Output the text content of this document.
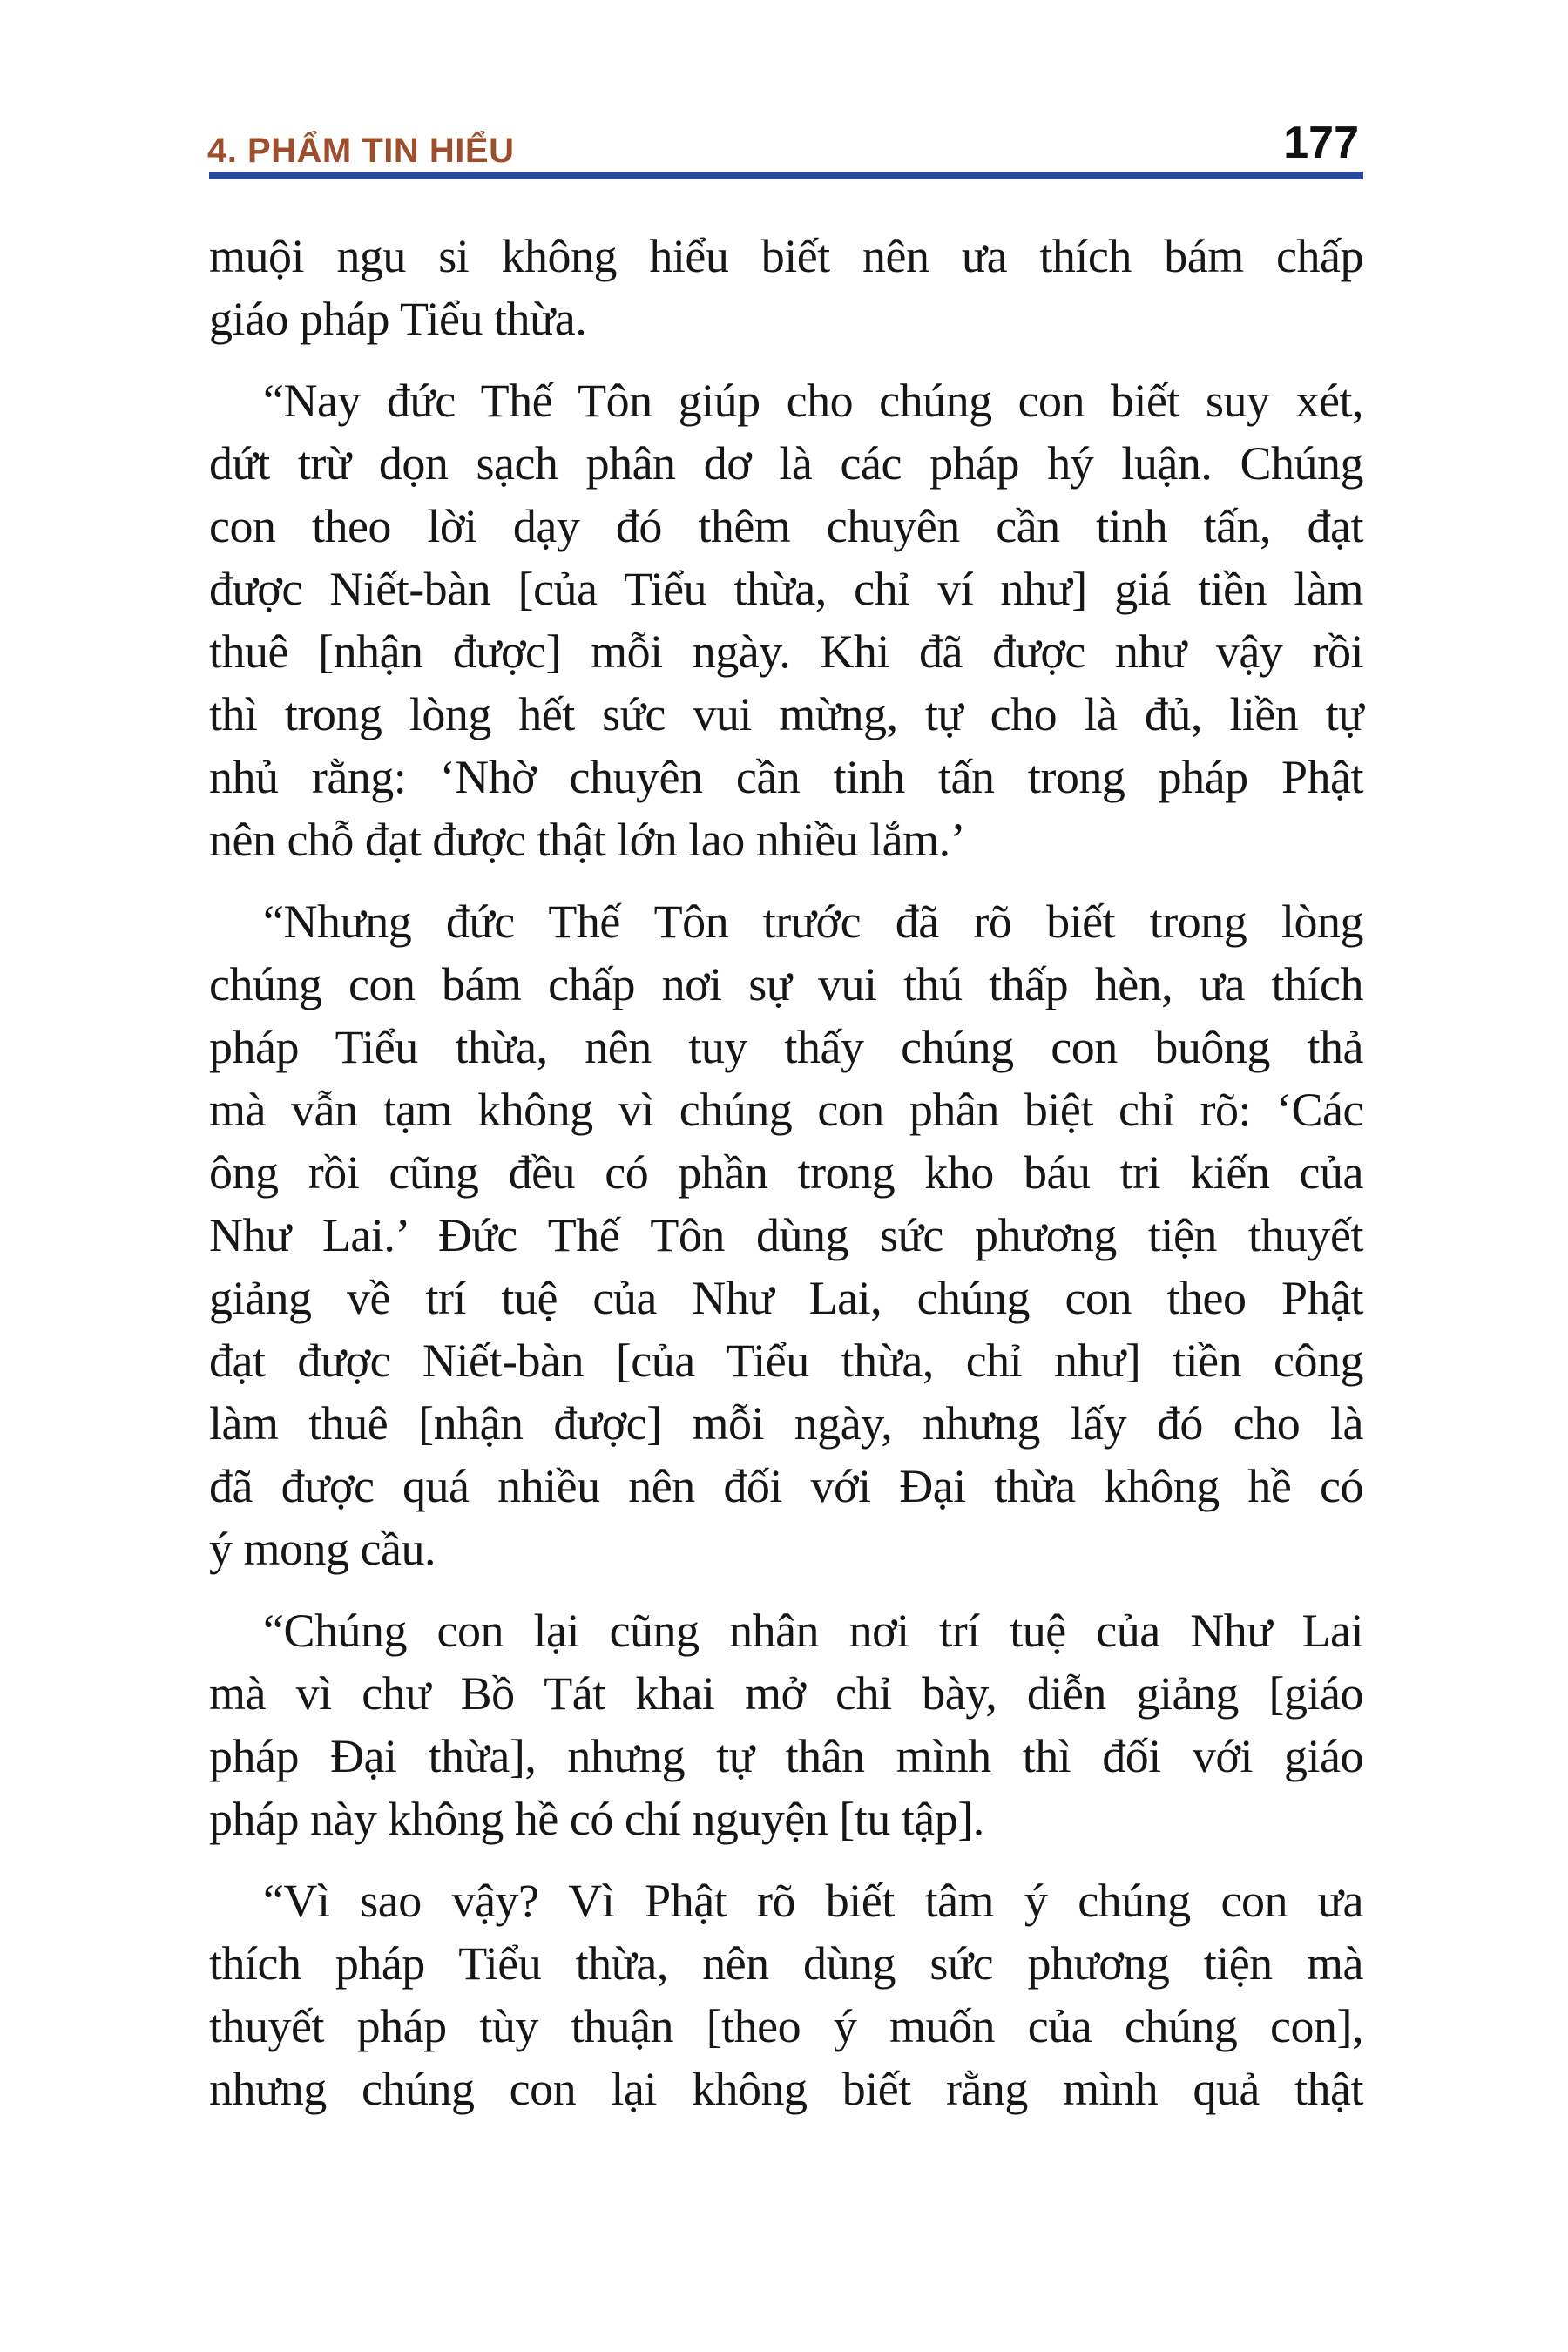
4. PHẨM TIN HIỂU	177
muội ngu si không hiểu biết nên ưa thích bám chấp
giáo pháp Tiểu thừa.
“Nay đức Thế Tôn giúp cho chúng con biết suy xét,
dứt trừ dọn sạch phân dơ là các pháp hý luận. Chúng
con theo lời dạy đó thêm chuyên cần tinh tấn, đạt
được Niết-bàn [của Tiểu thừa, chỉ ví như] giá tiền làm
thuê [nhận được] mỗi ngày. Khi đã được như vậy rồi
thì trong lòng hết sức vui mừng, tự cho là đủ, liền tự
nhủ rằng: ‘Nhờ chuyên cần tinh tấn trong pháp Phật
nên chỗ đạt được thật lớn lao nhiều lắm.’
“Nhưng đức Thế Tôn trước đã rõ biết trong lòng
chúng con bám chấp nơi sự vui thú thấp hèn, ưa thích
pháp Tiểu thừa, nên tuy thấy chúng con buông thả
mà vẫn tạm không vì chúng con phân biệt chỉ rõ: ‘Các
ông rồi cũng đều có phần trong kho báu tri kiến của
Như Lai.’ Đức Thế Tôn dùng sức phương tiện thuyết
giảng về trí tuệ của Như Lai, chúng con theo Phật
đạt được Niết-bàn [của Tiểu thừa, chỉ như] tiền công
làm thuê [nhận được] mỗi ngày, nhưng lấy đó cho là
đã được quá nhiều nên đối với Đại thừa không hề có
ý mong cầu.
“Chúng con lại cũng nhân nơi trí tuệ của Như Lai
mà vì chư Bồ Tát khai mở chỉ bày, diễn giảng [giáo
pháp Đại thừa], nhưng tự thân mình thì đối với giáo
pháp này không hề có chí nguyện [tu tập].
“Vì sao vậy? Vì Phật rõ biết tâm ý chúng con ưa
thích pháp Tiểu thừa, nên dùng sức phương tiện mà
thuyết pháp tùy thuận [theo ý muốn của chúng con],
nhưng chúng con lại không biết rằng mình quả thật
